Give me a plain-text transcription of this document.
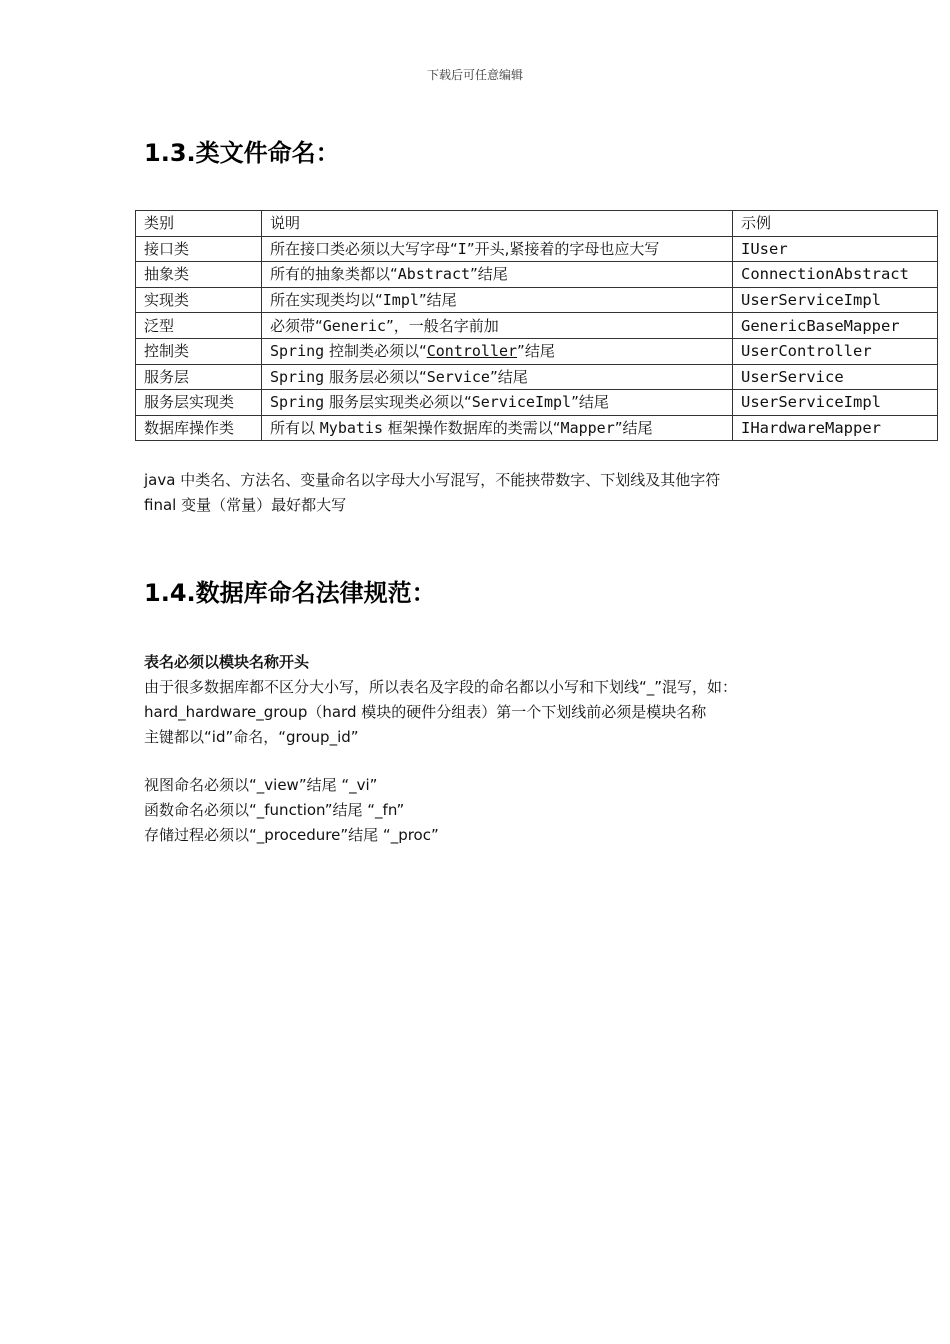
下载后可任意编辑
1.3.类文件命名：
类别	说明	示例
接口类	所在接口类必须以大写字母“I”开头,紧接着的字母也应大写	IUser
抽象类	所有的抽象类都以“Abstract”结尾	ConnectionAbstract
实现类	所在实现类均以“Impl”结尾	UserServiceImpl
泛型	必须带“Generic”，一般名字前加	GenericBaseMapper
控制类	Spring 控制类必须以“Controller”结尾	UserController
服务层	Spring 服务层必须以“Service”结尾	UserService
服务层实现类	Spring 服务层实现类必须以“ServiceImpl”结尾	UserServiceImpl
数据库操作类	所有以 Mybatis 框架操作数据库的类需以“Mapper”结尾	IHardwareMapper
java 中类名、方法名、变量命名以字母大小写混写，不能挟带数字、下划线及其他字符
final 变量（常量）最好都大写
1.4.数据库命名法律规范：
表名必须以模块名称开头
由于很多数据库都不区分大小写，所以表名及字段的命名都以小写和下划线“_”混写，如：
hard_hardware_group（hard 模块的硬件分组表）第一个下划线前必须是模块名称
主键都以“id”命名，“group_id”
视图命名必须以“_view”结尾 “_vi”
函数命名必须以“_function”结尾 “_fn”
存储过程必须以“_procedure”结尾 “_proc”
